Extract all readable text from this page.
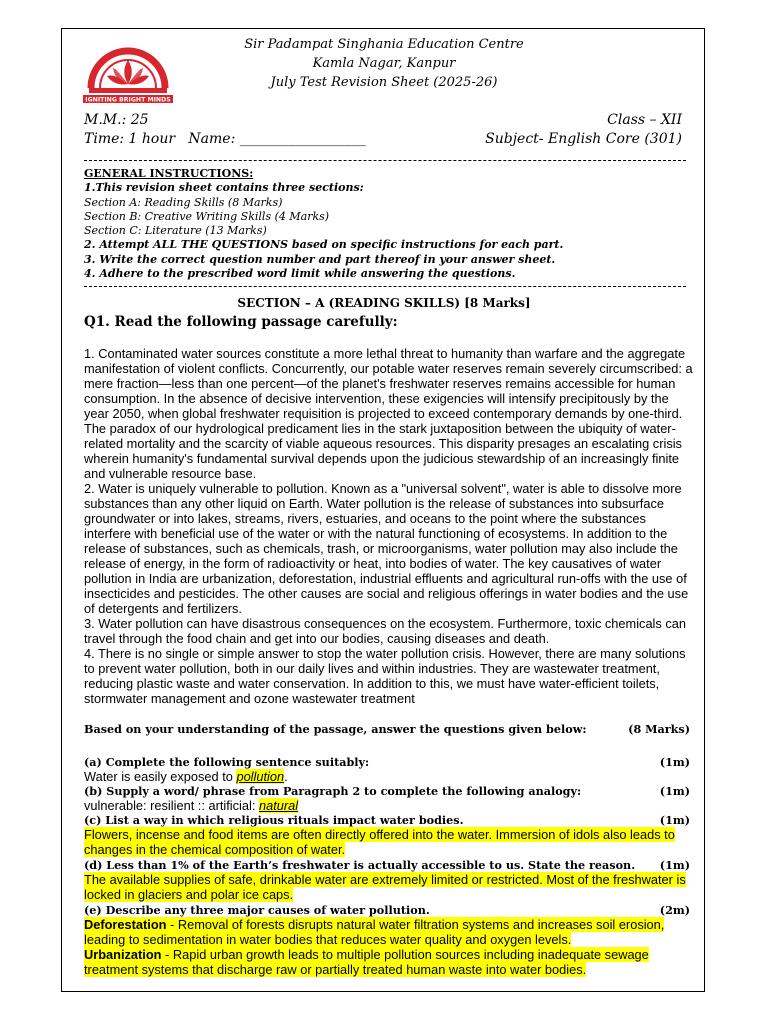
IGNITING BRIGHT MINDS
Sir Padampat Singhania Education Centre
Kamla Nagar, Kanpur
July Test Revision Sheet (2025-26)
M.M.: 25
Time: 1 hour   Name: __________________
Class – XII
Subject- English Core (301)
GENERAL INSTRUCTIONS:
1.This revision sheet contains three sections:
Section A: Reading Skills (8 Marks)
Section B: Creative Writing Skills (4 Marks)
Section C: Literature (13 Marks)
2. Attempt ALL THE QUESTIONS based on specific instructions for each part.
3. Write the correct question number and part thereof in your answer sheet.
4. Adhere to the prescribed word limit while answering the questions.
SECTION – A (READING SKILLS) [8 Marks]
Q1. Read the following passage carefully:

1. Contaminated water sources constitute a more lethal threat to humanity than warfare and the aggregate manifestation of violent conflicts. Concurrently, our potable water reserves remain severely circumscribed: a mere fraction—less than one percent—of the planet's freshwater reserves remains accessible for human consumption. In the absence of decisive intervention, these exigencies will intensify precipitously by the year 2050, when global freshwater requisition is projected to exceed contemporary demands by one-third. The paradox of our hydrological predicament lies in the stark juxtaposition between the ubiquity of water-related mortality and the scarcity of viable aqueous resources. This disparity presages an escalating crisis wherein humanity's fundamental survival depends upon the judicious stewardship of an increasingly finite and vulnerable resource base.

2. Water is uniquely vulnerable to pollution. Known as a "universal solvent", water is able to dissolve more substances than any other liquid on Earth. Water pollution is the release of substances into subsurface groundwater or into lakes, streams, rivers, estuaries, and oceans to the point where the substances interfere with beneficial use of the water or with the natural functioning of ecosystems. In addition to the release of substances, such as chemicals, trash, or microorganisms, water pollution may also include the release of energy, in the form of radioactivity or heat, into bodies of water. The key causatives of water pollution in India are urbanization, deforestation, industrial effluents and agricultural run-offs with the use of insecticides and pesticides. The other causes are social and religious offerings in water bodies and the use of detergents and fertilizers.

3. Water pollution can have disastrous consequences on the ecosystem. Furthermore, toxic chemicals can travel through the food chain and get into our bodies, causing diseases and death.

4. There is no single or simple answer to stop the water pollution crisis. However, there are many solutions to prevent water pollution, both in our daily lives and within industries. They are wastewater treatment, reducing plastic waste and water conservation. In addition to this, we must have water-efficient toilets, stormwater management and ozone wastewater treatment

Based on your understanding of the passage, answer the questions given below:	(8 Marks)
(a) Complete the following sentence suitably:	(1m)
Water is easily exposed to pollution.
(b) Supply a word/ phrase from Paragraph 2 to complete the following analogy:	(1m)
vulnerable: resilient :: artificial: natural
(c) List a way in which religious rituals impact water bodies.	(1m)
Flowers, incense and food items are often directly offered into the water. Immersion of idols also leads to changes in the chemical composition of water.
(d) Less than 1% of the Earth’s freshwater is actually accessible to us. State the reason. (1m)
The available supplies of safe, drinkable water are extremely limited or restricted. Most of the freshwater is locked in glaciers and polar ice caps.
(e) Describe any three major causes of water pollution.	(2m)
Deforestation - Removal of forests disrupts natural water filtration systems and increases soil erosion, leading to sedimentation in water bodies that reduces water quality and oxygen levels.
Urbanization - Rapid urban growth leads to multiple pollution sources including inadequate sewage treatment systems that discharge raw or partially treated human waste into water bodies.
